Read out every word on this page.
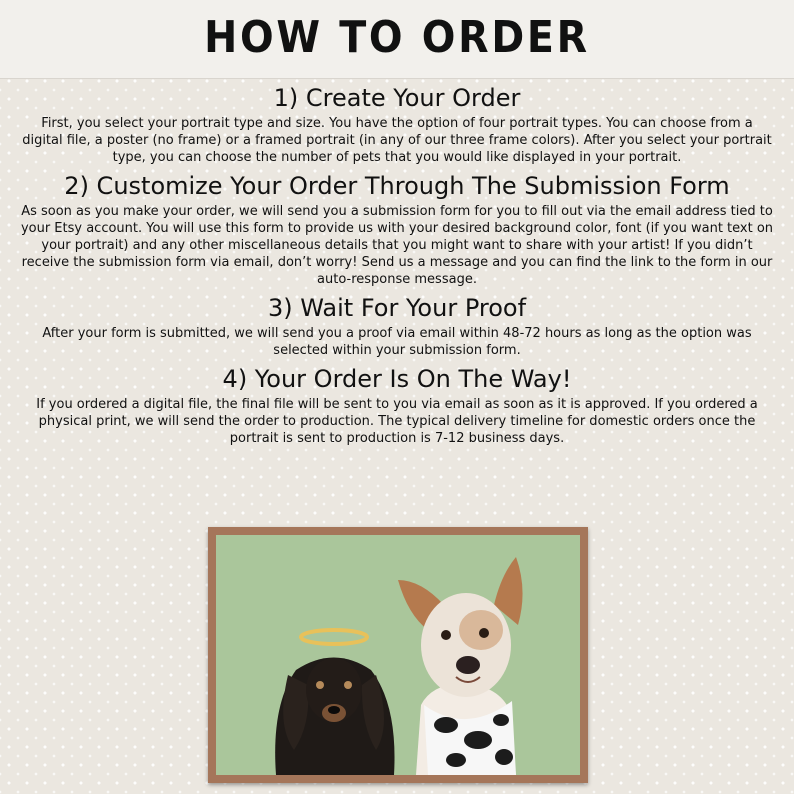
HOW TO ORDER
1) Create Your Order

First, you select your portrait type and size. You have the option of four portrait types. You can choose from a digital file, a poster (no frame) or a framed portrait (in any of our three frame colors). After you select your portrait type, you can choose the number of pets that you would like displayed in your portrait.

2) Customize Your Order Through The Submission Form

As soon as you make your order, we will send you a submission form for you to fill out via the email address tied to your Etsy account. You will use this form to provide us with your desired background color, font (if you want text on your portrait) and any other miscellaneous details that you might want to share with your artist! If you didn’t receive the submission form via email, don’t worry! Send us a message and you can find the link to the form in our auto-response message.

3) Wait For Your Proof

After your form is submitted, we will send you a proof via email within 48-72 hours as long as the option was selected within your submission form.

4) Your Order Is On The Way!

If you ordered a digital file, the final file will be sent to you via email as soon as it is approved. If you ordered a physical print, we will send the order to production. The typical delivery timeline for domestic orders once the portrait is sent to production is 7-12 business days.
